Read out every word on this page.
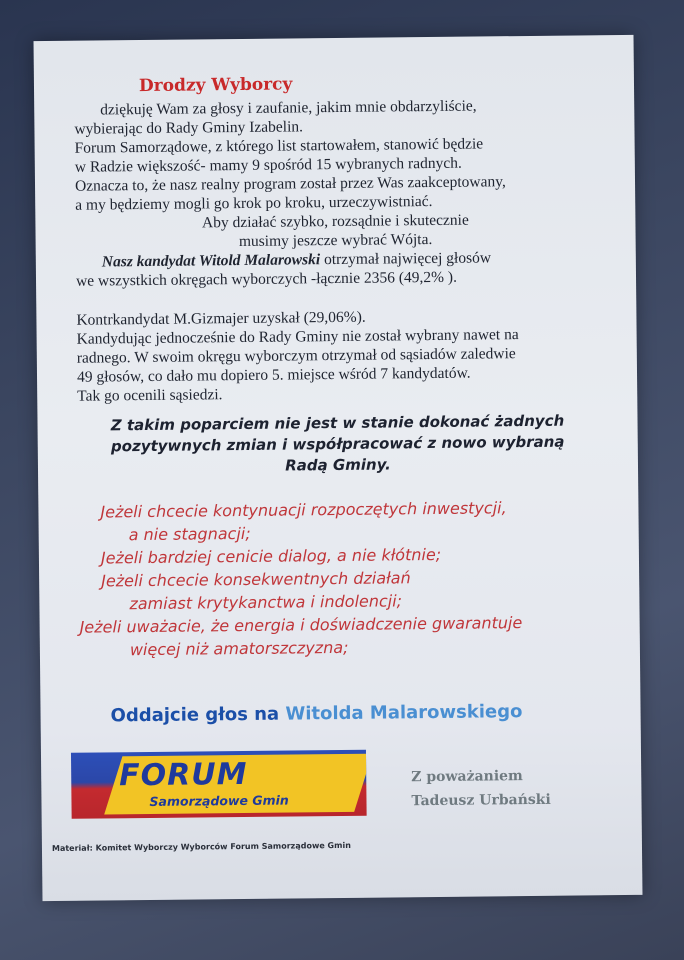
Drodzy Wyborcy
dziękuję Wam za głosy i zaufanie, jakim mnie obdarzyliście,
wybierając do Rady Gminy Izabelin.
Forum Samorządowe, z którego list startowałem, stanowić będzie
w Radzie większość- mamy 9 spośród 15 wybranych radnych.
Oznacza to, że nasz realny program został przez Was zaakceptowany,
a my będziemy mogli go krok po kroku, urzeczywistniać.
Aby działać szybko, rozsądnie i skutecznie
musimy jeszcze wybrać Wójta.
Nasz kandydat Witold Malarowski otrzymał najwięcej głosów
we wszystkich okręgach wyborczych -łącznie 2356 (49,2% ).
Kontrkandydat M.Gizmajer uzyskał (29,06%).
Kandydując jednocześnie do Rady Gminy nie został wybrany nawet na
radnego. W swoim okręgu wyborczym otrzymał od sąsiadów zaledwie
49 głosów, co dało mu dopiero 5. miejsce wśród 7 kandydatów.
Tak go ocenili sąsiedzi.
Z takim poparciem nie jest w stanie dokonać żadnych
pozytywnych zmian i współpracować z nowo wybraną
Radą Gminy.
Jeżeli chcecie kontynuacji rozpoczętych inwestycji,
a nie stagnacji;
Jeżeli bardziej cenicie dialog, a nie kłótnie;
Jeżeli chcecie konsekwentnych działań
zamiast krytykanctwa i indolencji;
Jeżeli uważacie, że energia i doświadczenie gwarantuje
więcej niż amatorszczyzna;
Oddajcie głos na Witolda Malarowskiego
FORUM
Samorządowe Gmin
Z poważaniem
Tadeusz Urbański
Materiał: Komitet Wyborczy Wyborców Forum Samorządowe Gmin
